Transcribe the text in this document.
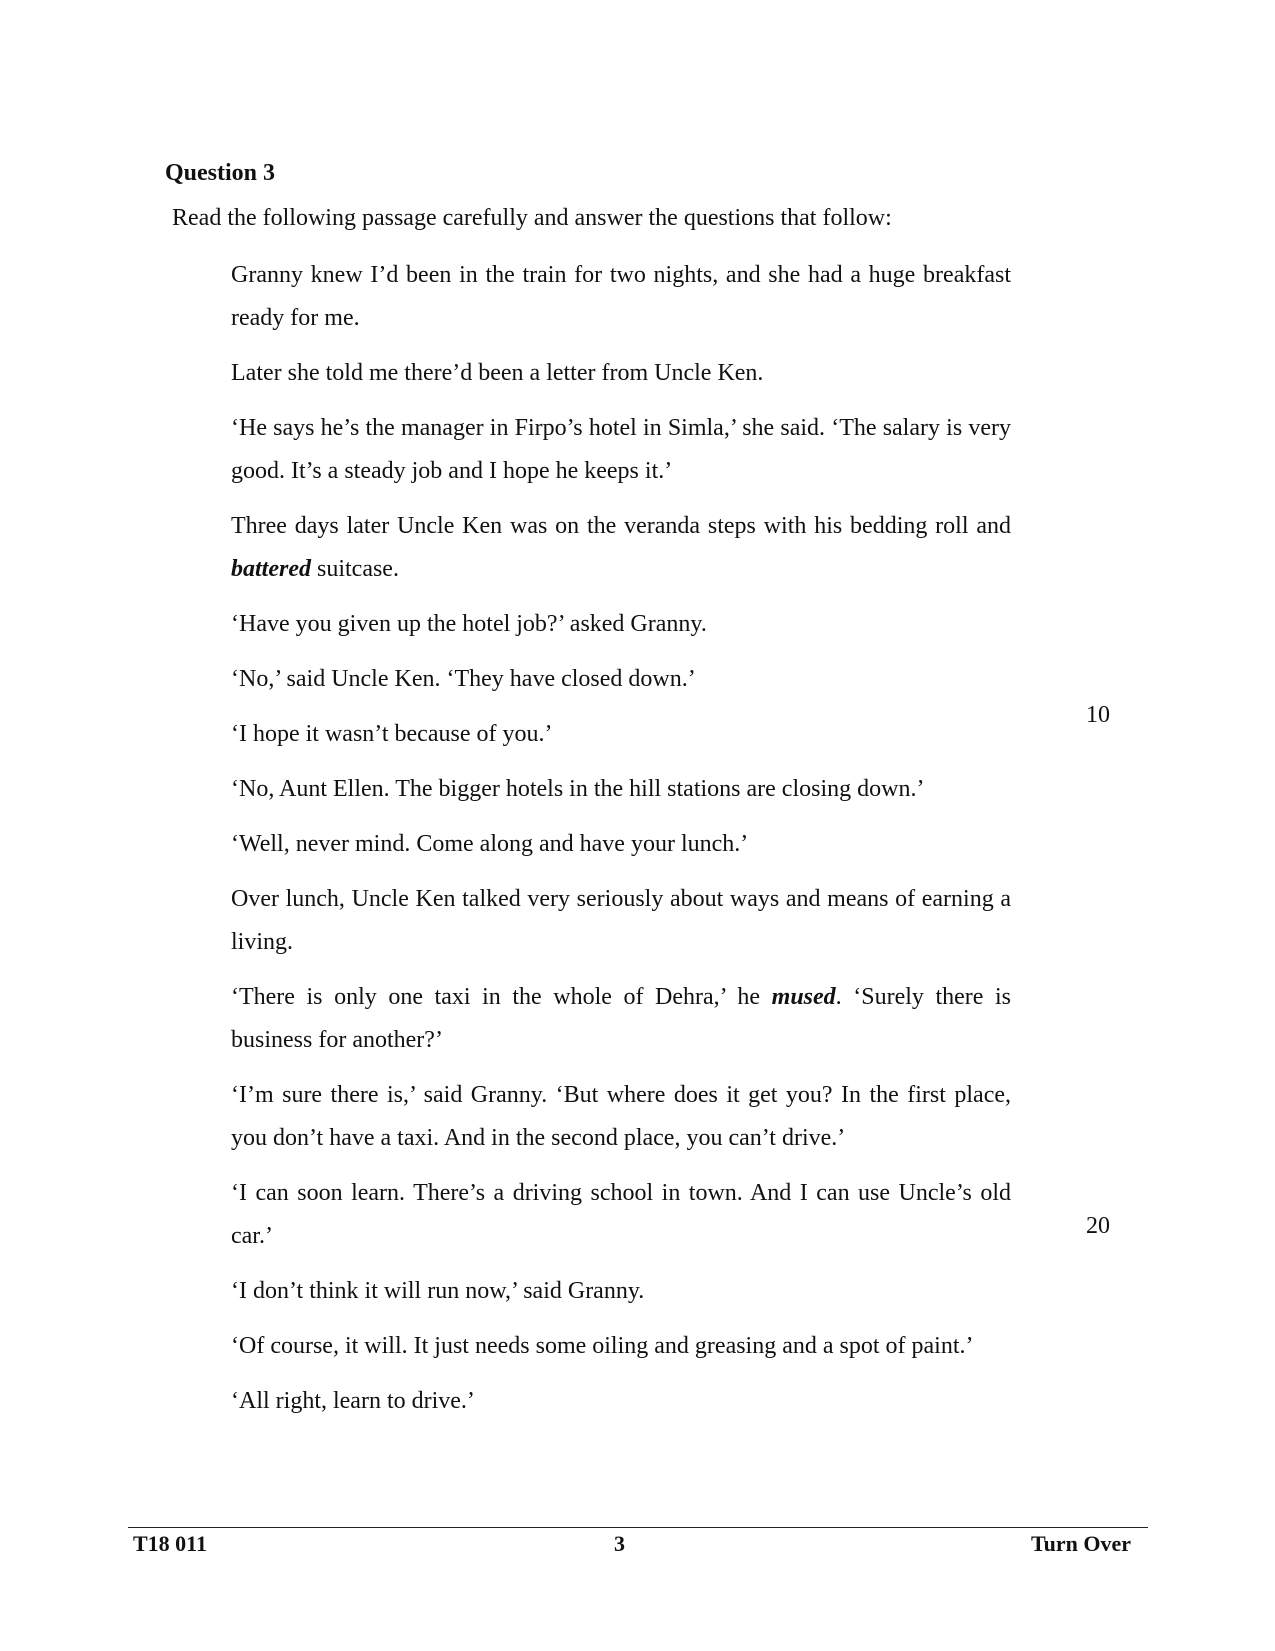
Question 3

Read the following passage carefully and answer the questions that follow:

Granny knew I’d been in the train for two nights, and she had a huge breakfast ready for me.

Later she told me there’d been a letter from Uncle Ken.

‘He says he’s the manager in Firpo’s hotel in Simla,’ she said. ‘The salary is very good. It’s a steady job and I hope he keeps it.’

Three days later Uncle Ken was on the veranda steps with his bedding roll and battered suitcase.

‘Have you given up the hotel job?’ asked Granny.

‘No,’ said Uncle Ken. ‘They have closed down.’

‘I hope it wasn’t because of you.’

‘No, Aunt Ellen. The bigger hotels in the hill stations are closing down.’

‘Well, never mind. Come along and have your lunch.’

Over lunch, Uncle Ken talked very seriously about ways and means of earning a living.

‘There is only one taxi in the whole of Dehra,’ he mused. ‘Surely there is business for another?’

‘I’m sure there is,’ said Granny. ‘But where does it get you? In the first place, you don’t have a taxi. And in the second place, you can’t drive.’

‘I can soon learn. There’s a driving school in town. And I can use Uncle’s old car.’

‘I don’t think it will run now,’ said Granny.

‘Of course, it will. It just needs some oiling and greasing and a spot of paint.’

‘All right, learn to drive.’

10
20
T18 011	3	Turn Over
